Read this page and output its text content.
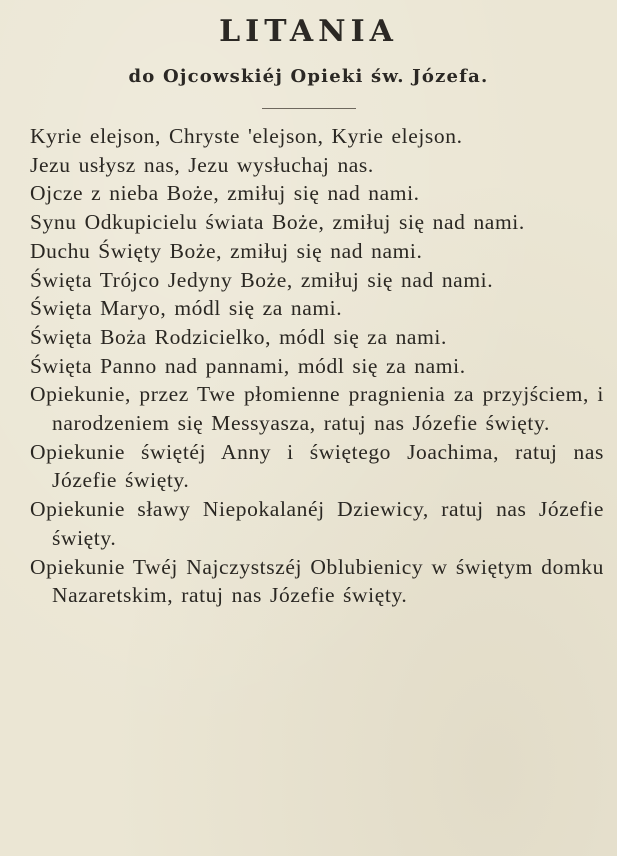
LITANIA
do Ojcowskiéj Opieki św. Józefa.

Kyrie elejson, Chryste 'elejson, Kyrie elejson.

Jezu usłysz nas, Jezu wysłuchaj nas.

Ojcze z nieba Boże, zmiłuj się nad nami.

Synu Odkupicielu świata Boże, zmiłuj się nad nami.

Duchu Święty Boże, zmiłuj się nad nami.

Święta Trójco Jedyny Boże, zmiłuj się nad nami.

Święta Maryo, módl się za nami.

Święta Boża Rodzicielko, módl się za nami.

Święta Panno nad pannami, módl się za nami.

Opiekunie, przez Twe płomienne pragnienia za przyjściem, i narodzeniem się Messyasza, ratuj nas Józefie święty.

Opiekunie świętéj Anny i świętego Joachima, ratuj nas Józefie święty.

Opiekunie sławy Niepokalanéj Dziewicy, ratuj nas Józefie święty.

Opiekunie Twéj Najczystszéj Oblubienicy w świętym domku Nazaretskim, ratuj nas Józefie święty.
